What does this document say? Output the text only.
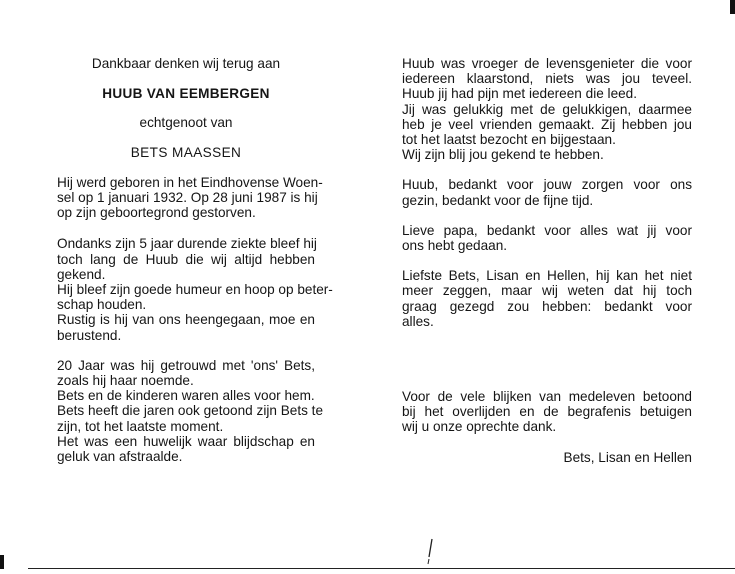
Dankbaar denken wij terug aan
HUUB VAN EEMBERGEN
echtgenoot van
BETS MAASSEN
Hij werd geboren in het Eindhovense Woen-
sel op 1 januari 1932. Op 28 juni 1987 is hij
op zijn geboortegrond gestorven.
Ondanks zijn 5 jaar durende ziekte bleef hij
toch lang de Huub die wij altijd hebben
gekend.
Hij bleef zijn goede humeur en hoop op beter-
schap houden.
Rustig is hij van ons heengegaan, moe en
berustend.
20 Jaar was hij getrouwd met 'ons' Bets,
zoals hij haar noemde.
Bets en de kinderen waren alles voor hem.
Bets heeft die jaren ook getoond zijn Bets te
zijn, tot het laatste moment.
Het was een huwelijk waar blijdschap en
geluk van afstraalde.
Huub was vroeger de levensgenieter die voor
iedereen klaarstond, niets was jou teveel.
Huub jij had pijn met iedereen die leed.
Jij was gelukkig met de gelukkigen, daarmee
heb je veel vrienden gemaakt. Zij hebben jou
tot het laatst bezocht en bijgestaan.
Wij zijn blij jou gekend te hebben.
Huub, bedankt voor jouw zorgen voor ons
gezin, bedankt voor de fijne tijd.
Lieve papa, bedankt voor alles wat jij voor
ons hebt gedaan.
Liefste Bets, Lisan en Hellen, hij kan het niet
meer zeggen, maar wij weten dat hij toch
graag gezegd zou hebben: bedankt voor
alles.
Voor de vele blijken van medeleven betoond
bij het overlijden en de begrafenis betuigen
wij u onze oprechte dank.
Bets, Lisan en Hellen
